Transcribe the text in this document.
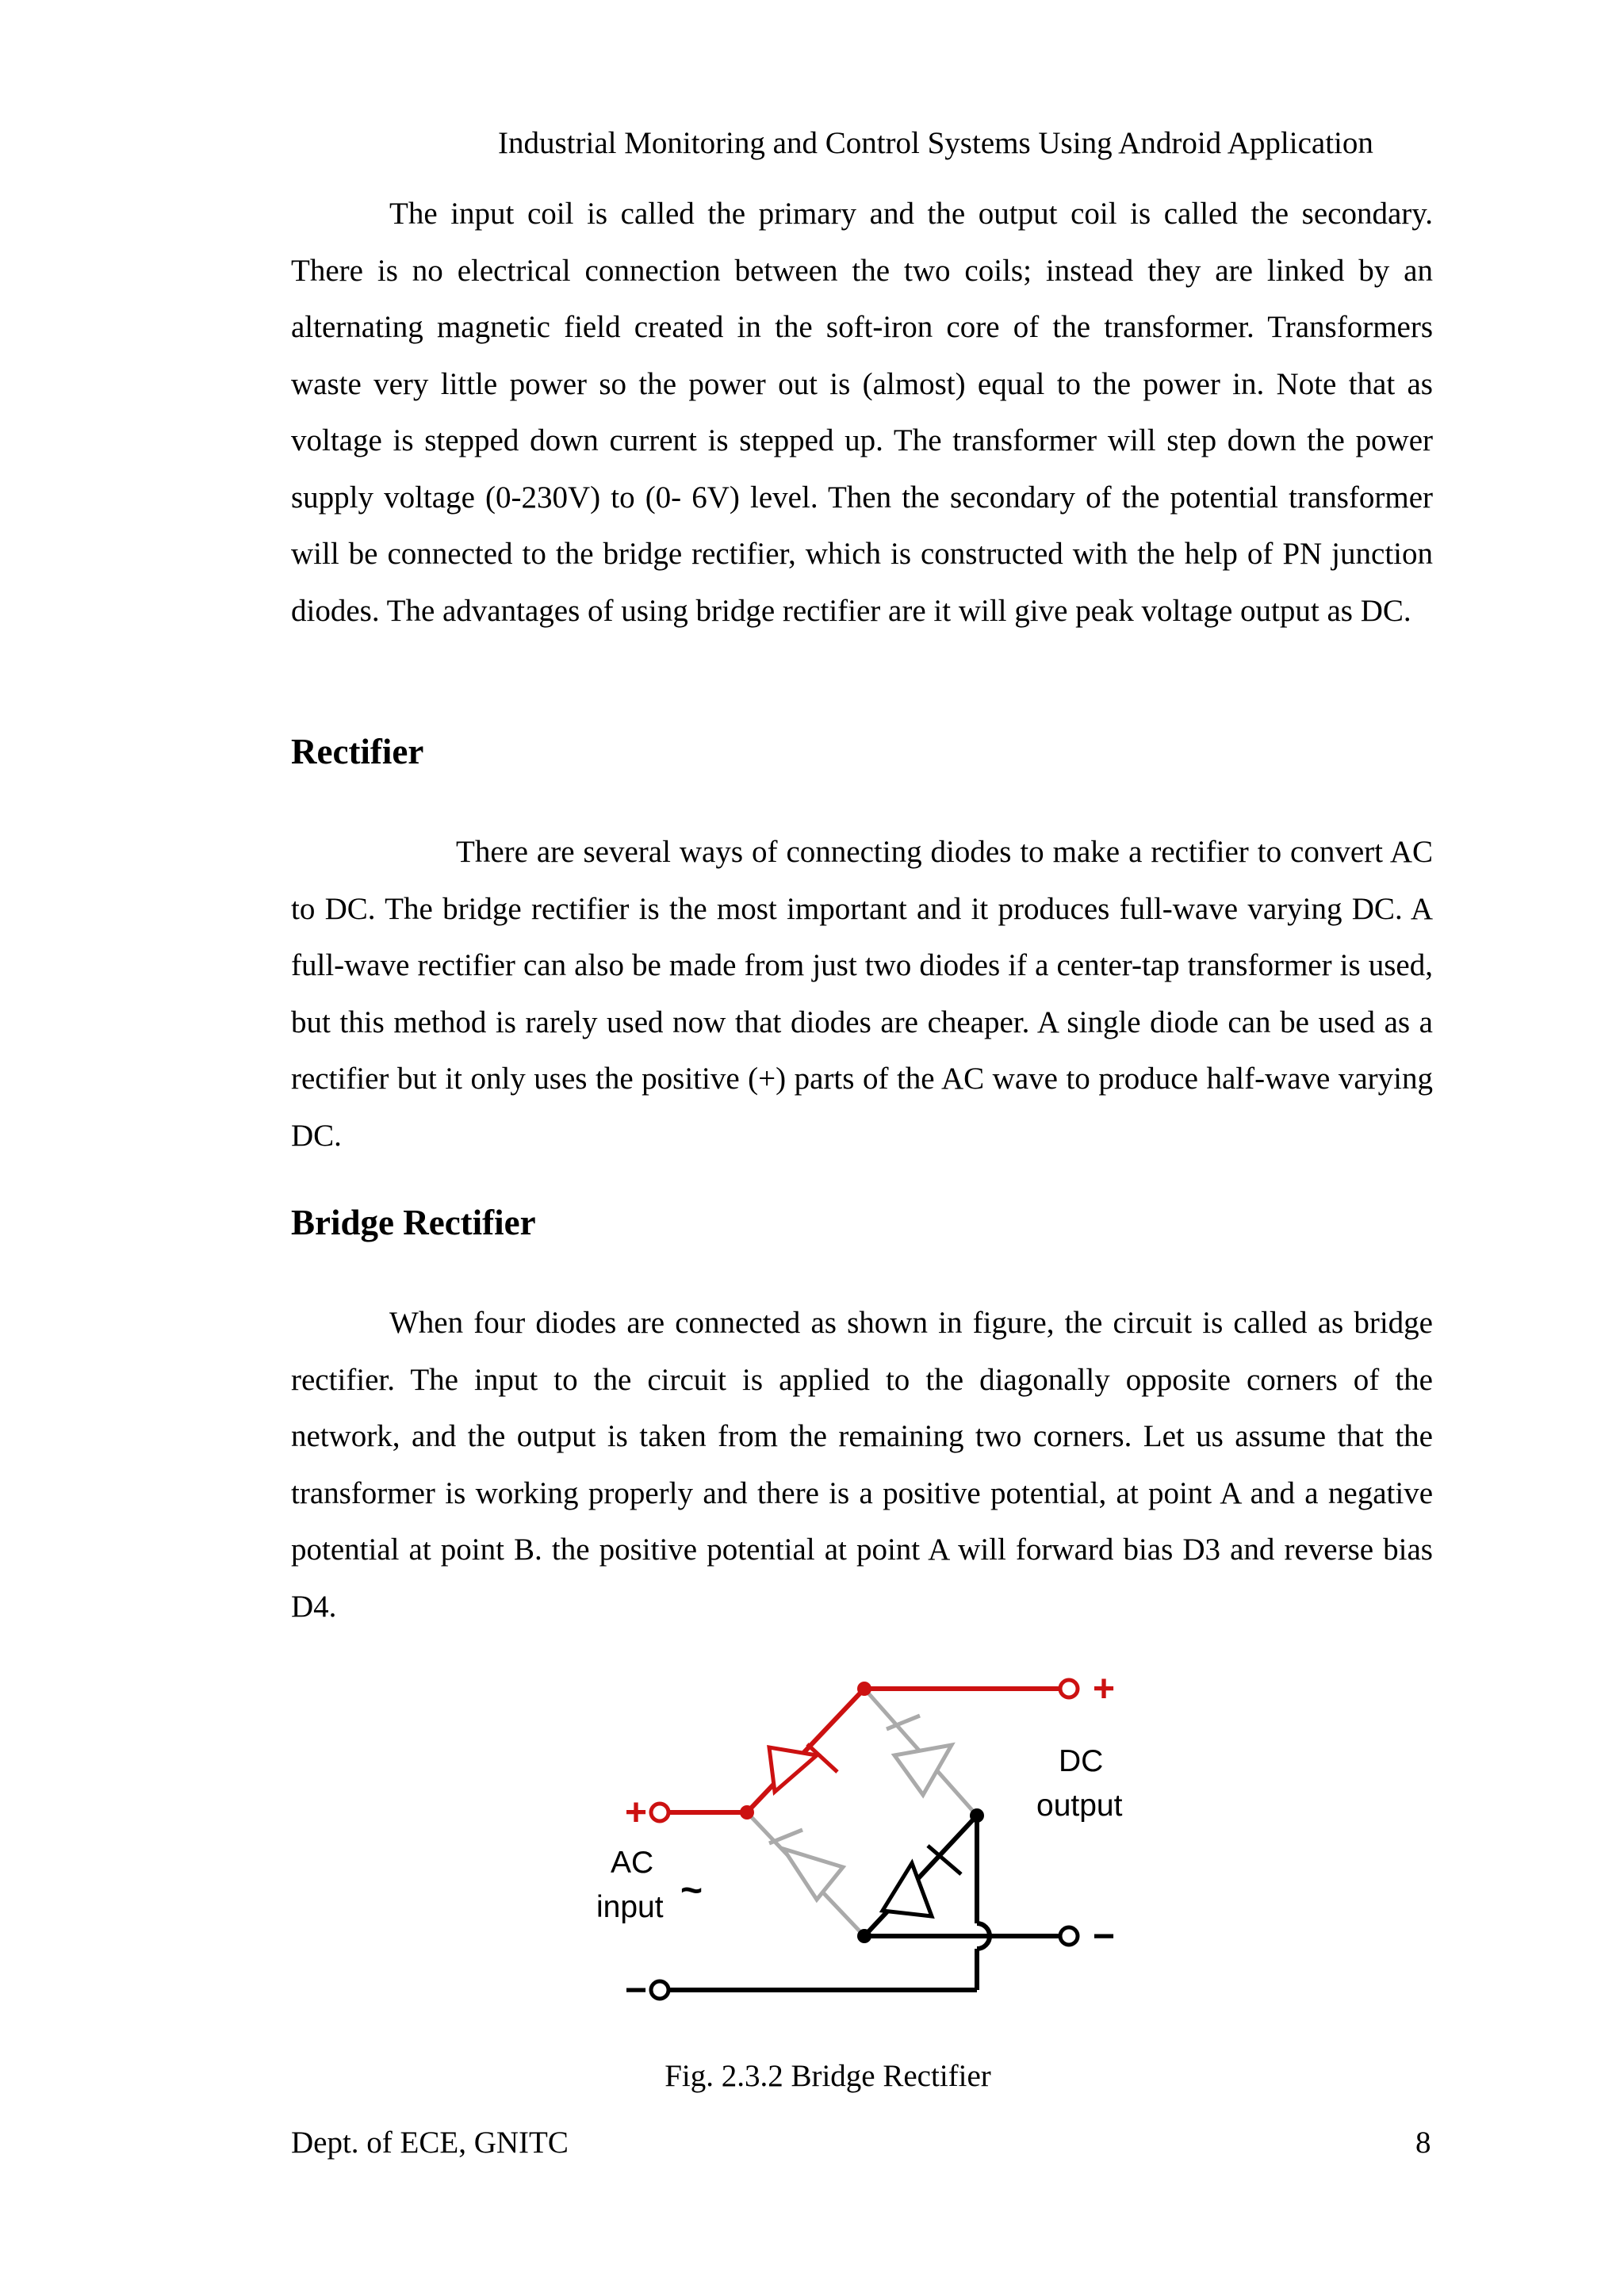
Industrial Monitoring and Control Systems Using Android Application

The input coil is called the primary and the output coil is called the secondary. There is no electrical connection between the two coils; instead they are linked by an alternating magnetic field created in the soft-iron core of the transformer. Transformers waste very little power so the power out is (almost) equal to the power in. Note that as voltage is stepped down current is stepped up. The transformer will step down the power supply voltage (0-230V) to (0- 6V) level. Then the secondary of the potential transformer will be connected to the bridge rectifier, which is constructed with the help of PN junction diodes. The advantages of using bridge rectifier are it will give peak voltage output as DC.

Rectifier

There are several ways of connecting diodes to make a rectifier to convert AC to DC. The bridge rectifier is the most important and it produces full-wave varying DC. A full-wave rectifier can also be made from just two diodes if a center-tap transformer is used, but this method is rarely used now that diodes are cheaper. A single diode can be used as a rectifier but it only uses the positive (+) parts of the AC wave to produce half-wave varying DC.

Bridge Rectifier

When four diodes are connected as shown in figure, the circuit is called as bridge rectifier. The input to the circuit is applied to the diagonally opposite corners of the network, and the output is taken from the remaining two corners. Let us assume that the transformer is working properly and there is a positive potential, at point A and a negative potential at point B. the positive potential at point A will forward bias D3 and reverse bias D4.

+
+
−
−
DC
output
AC
input ~
Fig. 2.3.2 Bridge Rectifier
Dept. of ECE, GNITC	8
